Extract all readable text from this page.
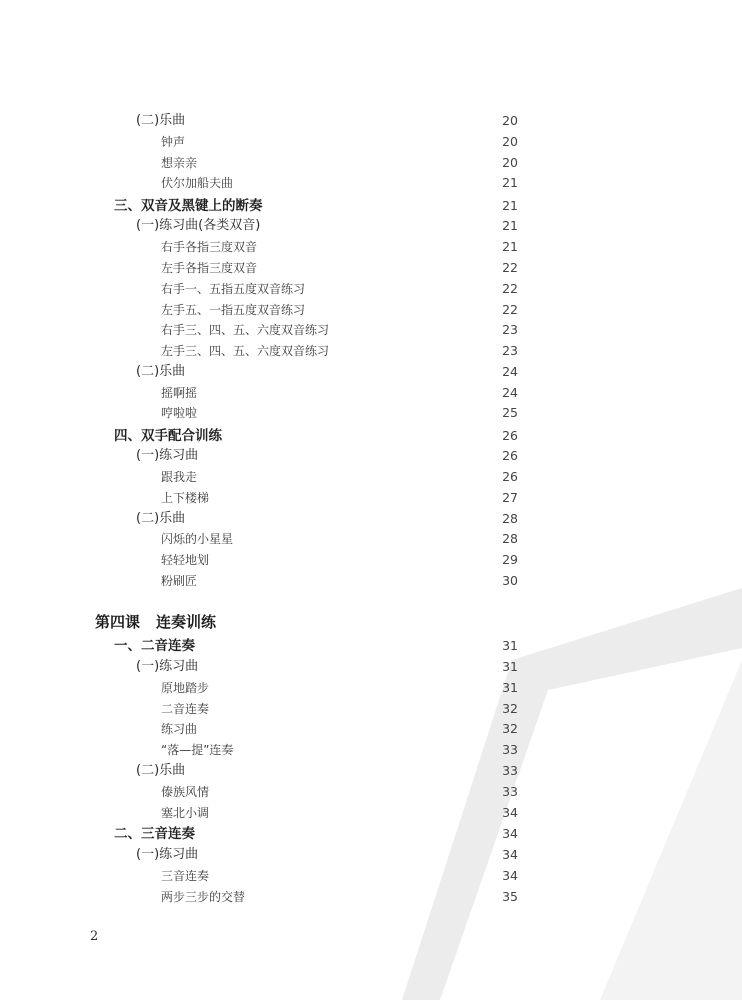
(二)乐曲	20
钟声	20
想亲亲	20
伏尔加船夫曲	21
三、双音及黑键上的断奏	21
(一)练习曲(各类双音)	21
右手各指三度双音	21
左手各指三度双音	22
右手一、五指五度双音练习	22
左手五、一指五度双音练习	22
右手三、四、五、六度双音练习	23
左手三、四、五、六度双音练习	23
(二)乐曲	24
摇啊摇	24
哼啦啦	25
四、双手配合训练	26
(一)练习曲	26
跟我走	26
上下楼梯	27
(二)乐曲	28
闪烁的小星星	28
轻轻地划	29
粉刷匠	30
第四课 连奏训练
一、二音连奏	31
(一)练习曲	31
原地踏步	31
二音连奏	32
练习曲	32
“落—提”连奏	33
(二)乐曲	33
傣族风情	33
塞北小调	34
二、三音连奏	34
(一)练习曲	34
三音连奏	34
两步三步的交替	35
2
